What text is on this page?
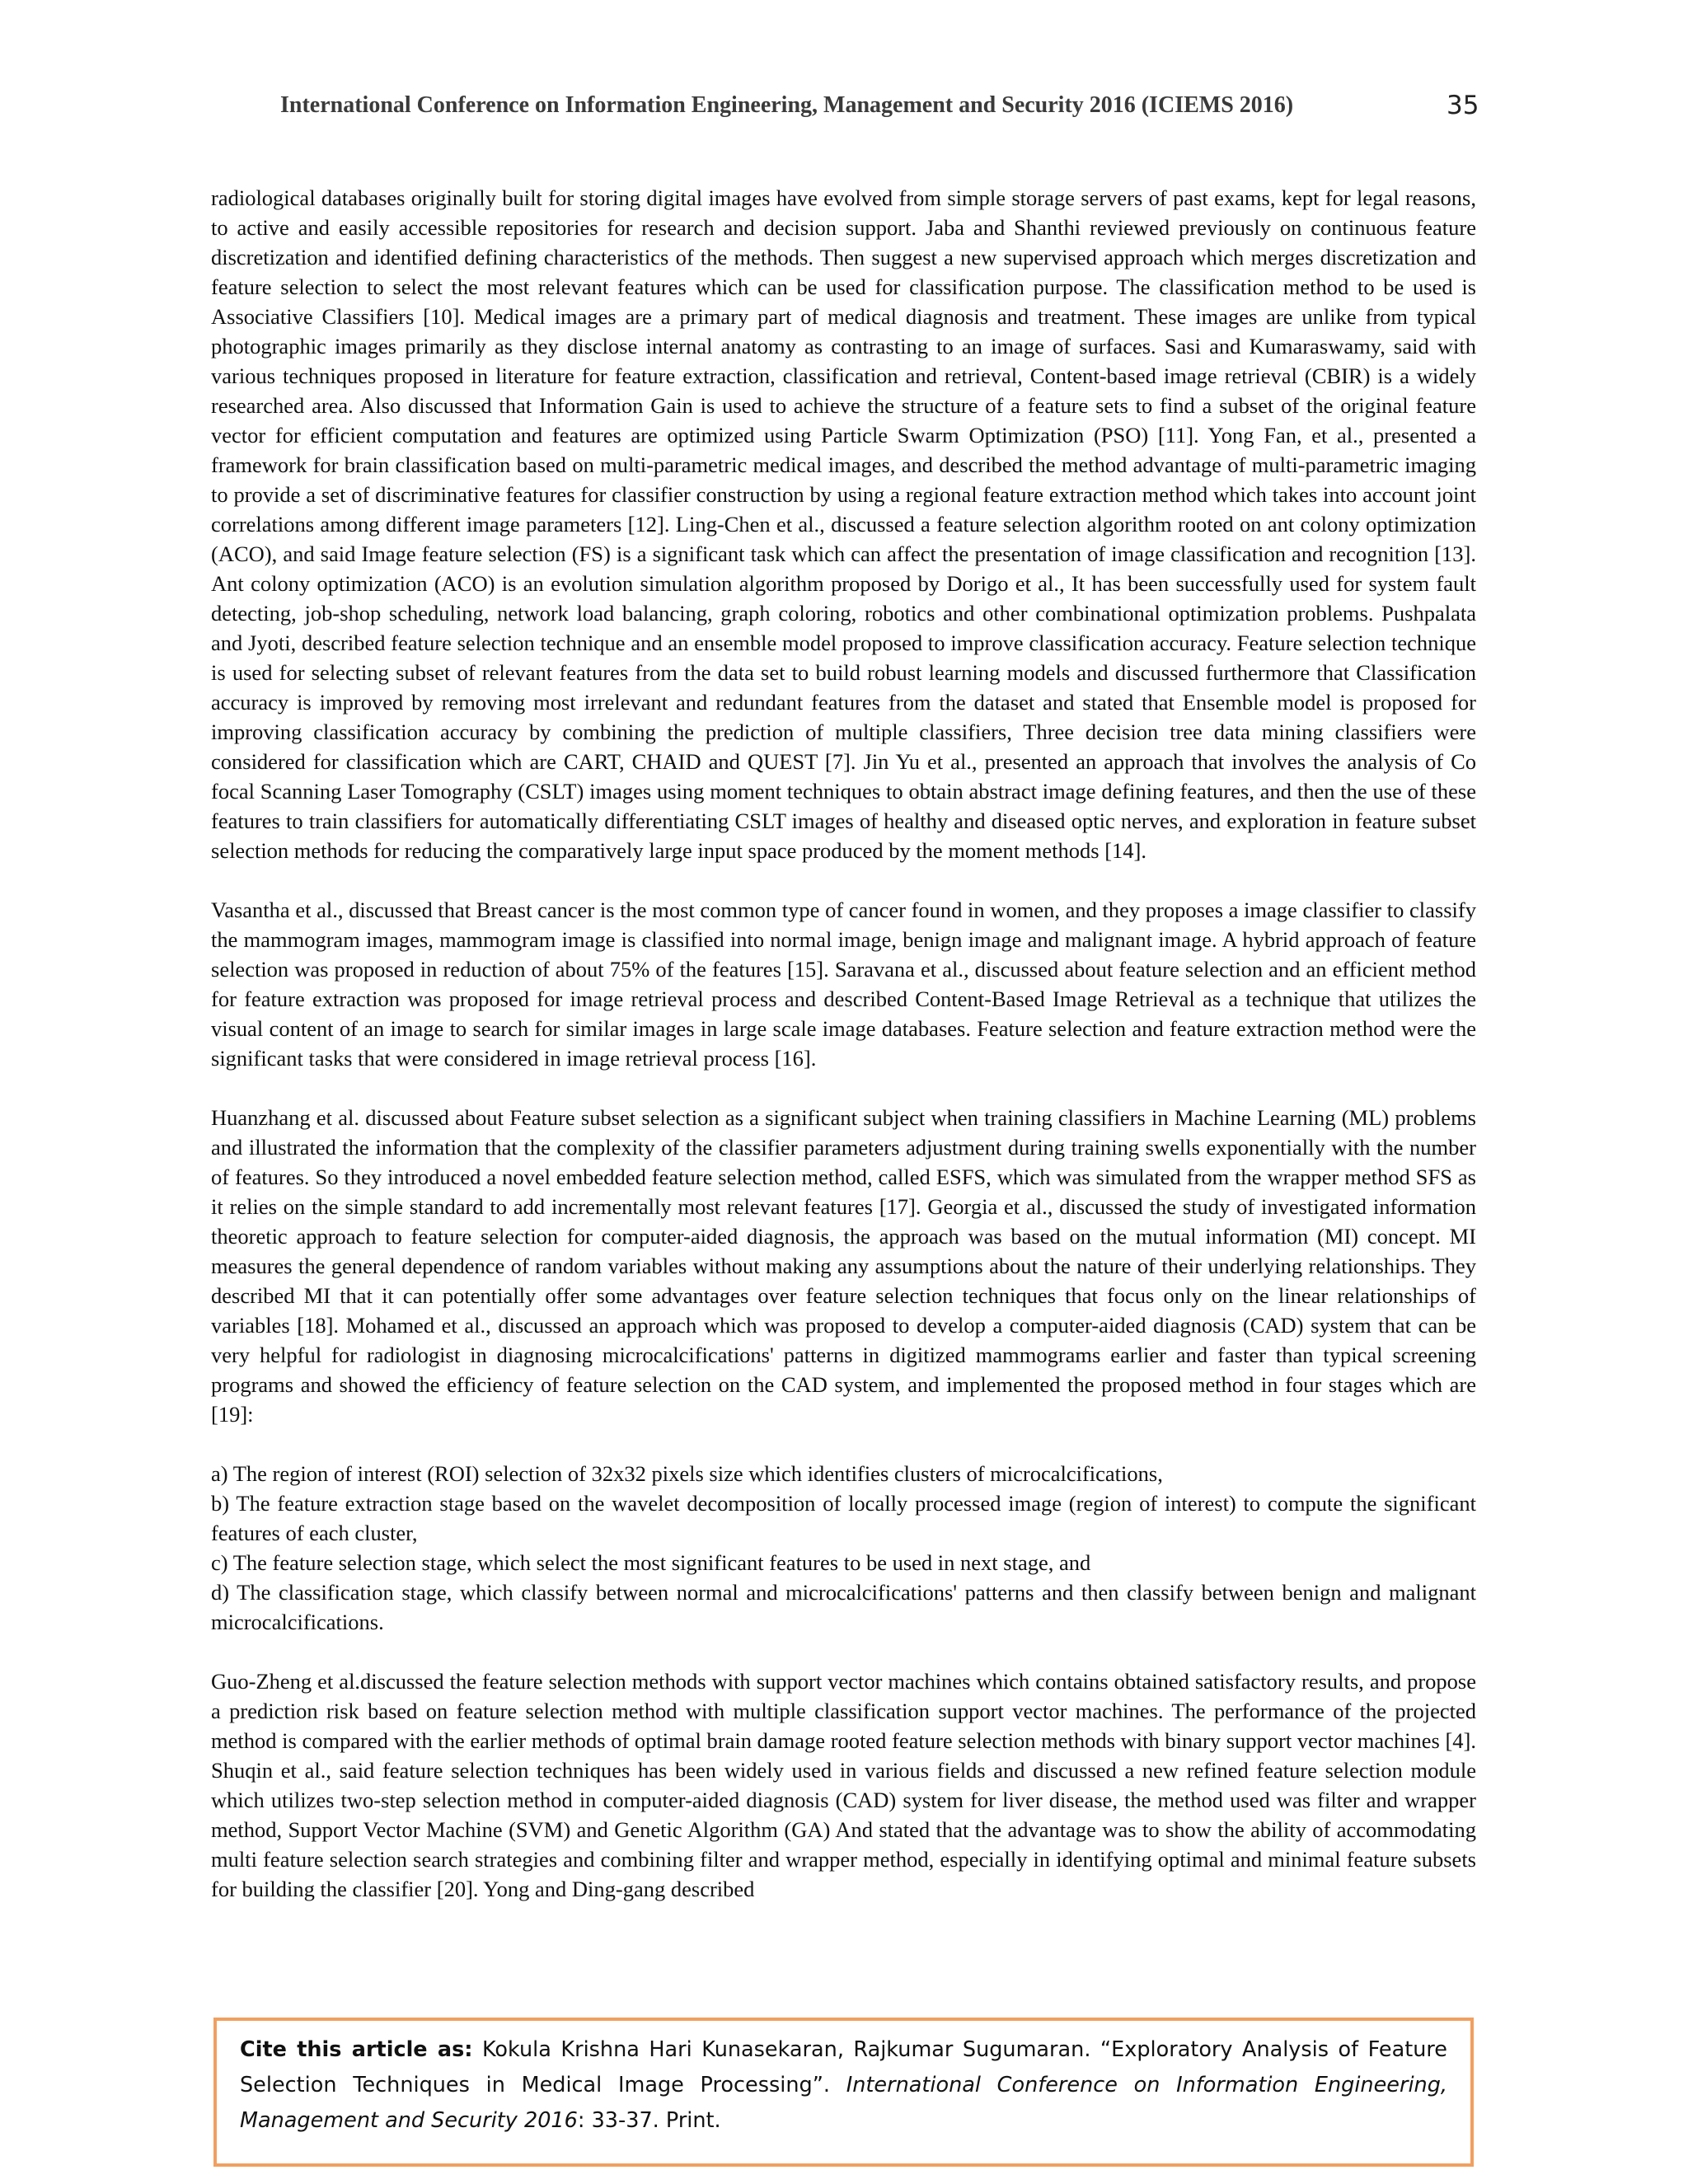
International Conference on Information Engineering, Management and Security 2016 (ICIEMS 2016)	35

radiological databases originally built for storing digital images have evolved from simple storage servers of past exams, kept for legal reasons, to active and easily accessible repositories for research and decision support. Jaba and Shanthi reviewed previously on continuous feature discretization and identified defining characteristics of the methods. Then suggest a new supervised approach which merges discretization and feature selection to select the most relevant features which can be used for classification purpose. The classification method to be used is Associative Classifiers [10]. Medical images are a primary part of medical diagnosis and treatment. These images are unlike from typical photographic images primarily as they disclose internal anatomy as contrasting to an image of surfaces. Sasi and Kumaraswamy, said with various techniques proposed in literature for feature extraction, classification and retrieval, Content-based image retrieval (CBIR) is a widely researched area. Also discussed that Information Gain is used to achieve the structure of a feature sets to find a subset of the original feature vector for efficient computation and features are optimized using Particle Swarm Optimization (PSO) [11]. Yong Fan, et al., presented a framework for brain classification based on multi-parametric medical images, and described the method advantage of multi-parametric imaging to provide a set of discriminative features for classifier construction by using a regional feature extraction method which takes into account joint correlations among different image parameters [12]. Ling-Chen et al., discussed a feature selection algorithm rooted on ant colony optimization (ACO), and said Image feature selection (FS) is a significant task which can affect the presentation of image classification and recognition [13]. Ant colony optimization (ACO) is an evolution simulation algorithm proposed by Dorigo et al., It has been successfully used for system fault detecting, job-shop scheduling, network load balancing, graph coloring, robotics and other combinational optimization problems. Pushpalata and Jyoti, described feature selection technique and an ensemble model proposed to improve classification accuracy. Feature selection technique is used for selecting subset of relevant features from the data set to build robust learning models and discussed furthermore that Classification accuracy is improved by removing most irrelevant and redundant features from the dataset and stated that Ensemble model is proposed for improving classification accuracy by combining the prediction of multiple classifiers, Three decision tree data mining classifiers were considered for classification which are CART, CHAID and QUEST [7]. Jin Yu et al., presented an approach that involves the analysis of Co focal Scanning Laser Tomography (CSLT) images using moment techniques to obtain abstract image defining features, and then the use of these features to train classifiers for automatically differentiating CSLT images of healthy and diseased optic nerves, and exploration in feature subset selection methods for reducing the comparatively large input space produced by the moment methods [14].

Vasantha et al., discussed that Breast cancer is the most common type of cancer found in women, and they proposes a image classifier to classify the mammogram images, mammogram image is classified into normal image, benign image and malignant image. A hybrid approach of feature selection was proposed in reduction of about 75% of the features [15]. Saravana et al., discussed about feature selection and an efficient method for feature extraction was proposed for image retrieval process and described Content-Based Image Retrieval as a technique that utilizes the visual content of an image to search for similar images in large scale image databases. Feature selection and feature extraction method were the significant tasks that were considered in image retrieval process [16].

Huanzhang et al. discussed about Feature subset selection as a significant subject when training classifiers in Machine Learning (ML) problems and illustrated the information that the complexity of the classifier parameters adjustment during training swells exponentially with the number of features. So they introduced a novel embedded feature selection method, called ESFS, which was simulated from the wrapper method SFS as it relies on the simple standard to add incrementally most relevant features [17]. Georgia et al., discussed the study of investigated information theoretic approach to feature selection for computer-aided diagnosis, the approach was based on the mutual information (MI) concept. MI measures the general dependence of random variables without making any assumptions about the nature of their underlying relationships. They described MI that it can potentially offer some advantages over feature selection techniques that focus only on the linear relationships of variables [18]. Mohamed et al., discussed an approach which was proposed to develop a computer-aided diagnosis (CAD) system that can be very helpful for radiologist in diagnosing microcalcifications' patterns in digitized mammograms earlier and faster than typical screening programs and showed the efficiency of feature selection on the CAD system, and implemented the proposed method in four stages which are [19]:

a) The region of interest (ROI) selection of 32x32 pixels size which identifies clusters of microcalcifications,

b) The feature extraction stage based on the wavelet decomposition of locally processed image (region of interest) to compute the significant features of each cluster,

c) The feature selection stage, which select the most significant features to be used in next stage, and

d) The classification stage, which classify between normal and microcalcifications' patterns and then classify between benign and malignant microcalcifications.

Guo-Zheng et al.discussed the feature selection methods with support vector machines which contains obtained satisfactory results, and propose a prediction risk based on feature selection method with multiple classification support vector machines. The performance of the projected method is compared with the earlier methods of optimal brain damage rooted feature selection methods with binary support vector machines [4]. Shuqin et al., said feature selection techniques has been widely used in various fields and discussed a new refined feature selection module which utilizes two-step selection method in computer-aided diagnosis (CAD) system for liver disease, the method used was filter and wrapper method, Support Vector Machine (SVM) and Genetic Algorithm (GA) And stated that the advantage was to show the ability of accommodating multi feature selection search strategies and combining filter and wrapper method, especially in identifying optimal and minimal feature subsets for building the classifier [20]. Yong and Ding-gang described

Cite this article as: Kokula Krishna Hari Kunasekaran, Rajkumar Sugumaran. “Exploratory Analysis of Feature Selection Techniques in Medical Image Processing”. International Conference on Information Engineering, Management and Security 2016: 33-37. Print.
